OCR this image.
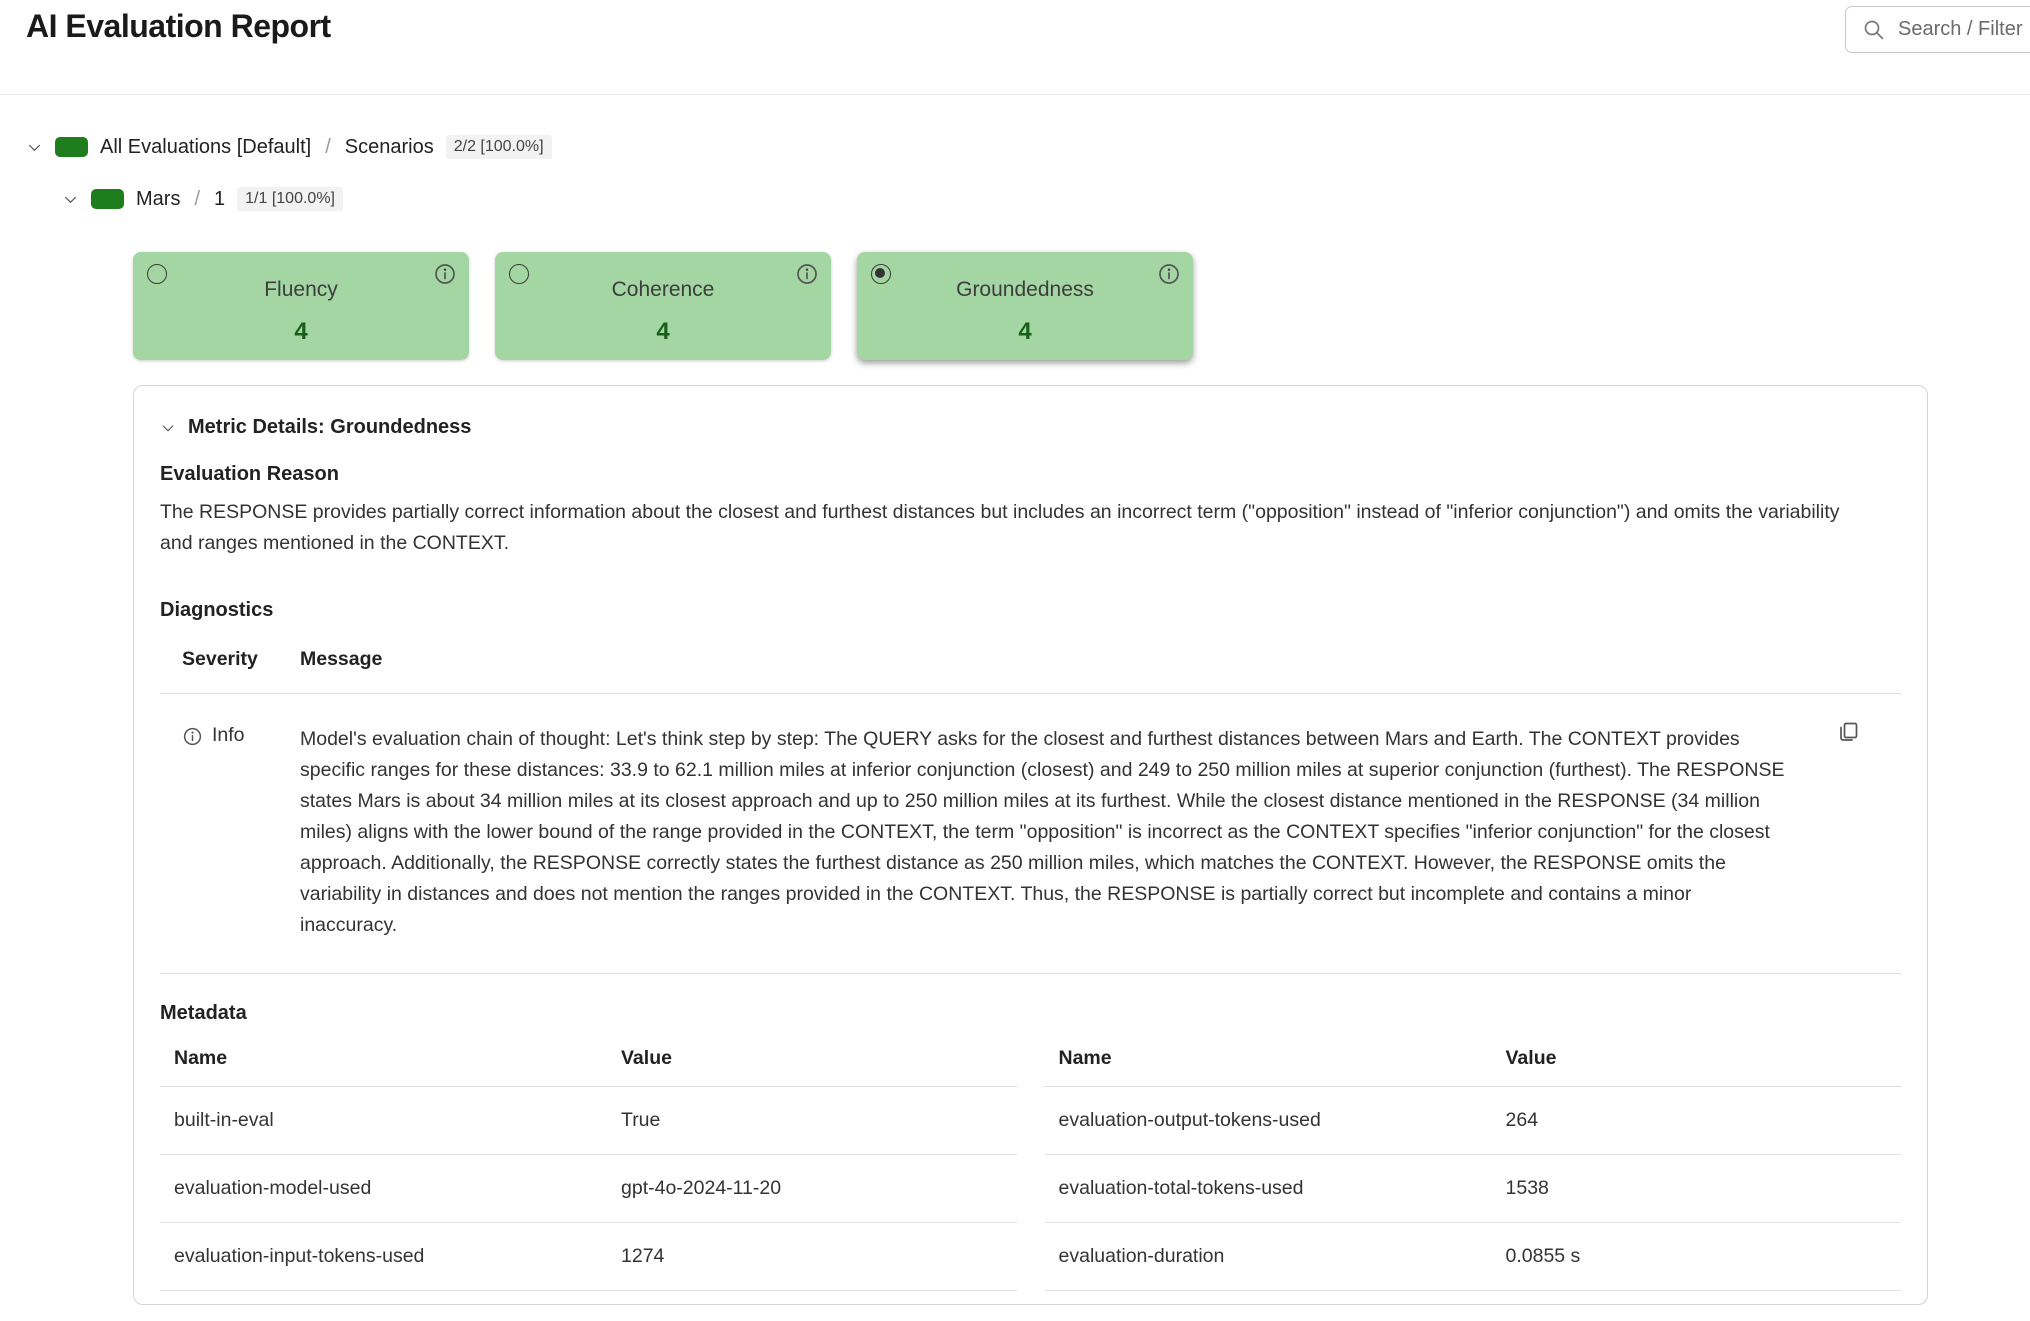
AI Evaluation Report
Search / Filter
All Evaluations [Default] / Scenarios	2/2 [100.0%]
Mars / 1	1/1 [100.0%]
Fluency
4
Coherence
4
Groundedness
4
Metric Details: Groundedness
Evaluation Reason
The RESPONSE provides partially correct information about the closest and furthest distances but includes an incorrect term ("opposition" instead of "inferior conjunction") and omits the variability and ranges mentioned in the CONTEXT.
Diagnostics
Severity	Message
Info	Model's evaluation chain of thought: Let's think step by step: The QUERY asks for the closest and furthest distances between Mars and Earth. The CONTEXT provides specific ranges for these distances: 33.9 to 62.1 million miles at inferior conjunction (closest) and 249 to 250 million miles at superior conjunction (furthest). The RESPONSE states Mars is about 34 million miles at its closest approach and up to 250 million miles at its furthest. While the closest distance mentioned in the RESPONSE (34 million miles) aligns with the lower bound of the range provided in the CONTEXT, the term "opposition" is incorrect as the CONTEXT specifies "inferior conjunction" for the closest approach. Additionally, the RESPONSE correctly states the furthest distance as 250 million miles, which matches the CONTEXT. However, the RESPONSE omits the variability in distances and does not mention the ranges provided in the CONTEXT. Thus, the RESPONSE is partially correct but incomplete and contains a minor inaccuracy.
Metadata
Name	Value
built-in-eval	True
evaluation-model-used	gpt-4o-2024-11-20
evaluation-input-tokens-used	1274
Name	Value
evaluation-output-tokens-used	264
evaluation-total-tokens-used	1538
evaluation-duration	0.0855 s
